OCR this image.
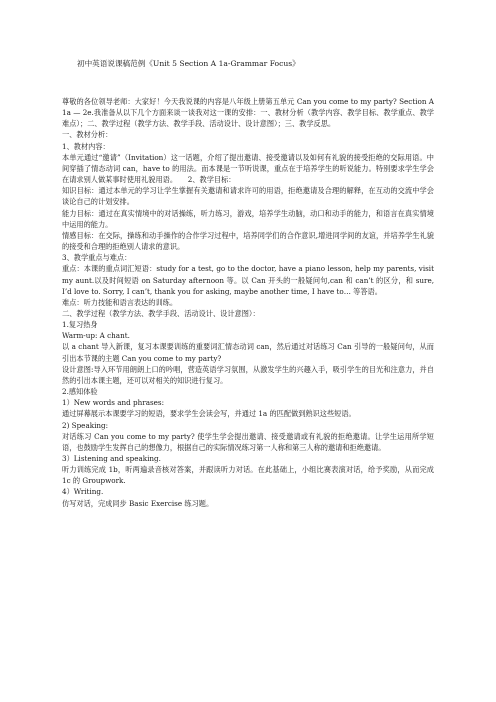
初中英语说课稿范例《Unit 5 Section A 1a-Grammar Focus》

尊敬的各位领导老师：大家好！今天我说课的内容是八年级上册第五单元 Can you come to my party? Section A 1a — 2e.我准备从以下几个方面来谈一谈我对这一课的安排：一、教材分析（教学内容、教学目标、教学重点、教学难点）；二、教学过程（教学方法、教学手段、活动设计、设计意图）；三、教学反思。

一、教材分析：

1、教材内容：

本单元通过“邀请”（Invitation）这一话题，介绍了提出邀请、接受邀请以及如何有礼貌的接受拒绝的交际用语。中间穿插了情态动词 can，have to 的用法。而本课是一节听说课，重点在于培养学生的听说能力。特别要求学生学会在请求别人做某事时使用礼貌用语。　　2、教学目标：

知识目标：通过本单元的学习让学生掌握有关邀请和请求许可的用语，拒绝邀请及合理的解释，在互动的交流中学会谈论自己的计划安排。

能力目标：通过在真实情境中的对话操练，听力练习，游戏，培养学生动脑，动口和动手的能力，和语言在真实情境中运用的能力。

情感目标：在交际，操练和动手操作的合作学习过程中，培养同学们的合作意识,增进同学间的友谊，并培养学生礼貌的接受和合理的拒绝别人请求的意识。

3、教学重点与难点：

重点：本课的重点词汇短语：study for a test, go to the doctor, have a piano lesson, help my parents, visit my aunt.以及时间短语 on Saturday afternoon 等。以 Can 开头的一般疑问句,can 和 can’t 的区分，和 sure, I’d love to. Sorry, I can’t, thank you for asking, maybe another time, I have to… 等答语。

难点：听力技能和语言表达的训练。

二、教学过程（教学方法、教学手段、活动设计、设计意图）：

1.复习热身

Warm-up: A chant.

以 a chant 导入新课，复习本课要训练的重要词汇情态动词 can，然后通过对话练习 Can 引导的一般疑问句，从而引出本节课的主题 Can you come to my party?

设计意图:导入环节用朗朗上口的吟唱，营造英语学习氛围，从激发学生的兴趣入手，吸引学生的目光和注意力，并自然的引出本课主题，还可以对相关的知识进行复习。

2.感知体验

1）New words and phrases:

通过屏幕展示本课要学习的短语，要求学生会读会写，并通过 1a 的匹配做到熟识这些短语。

2) Speaking:

对话练习 Can you come to my party? 使学生学会提出邀请、接受邀请或有礼貌的拒绝邀请。让学生运用所学短语，也鼓励学生发挥自己的想像力，根据自己的实际情况练习第一人称和第三人称的邀请和拒绝邀请。

3）Listening and speaking.

听力训练完成 1b，听两遍录音核对答案，并跟读听力对话。在此基础上，小组比赛表演对话，给予奖励，从而完成 1c 的 Groupwork.

4）Writing.

仿写对话，完成同步 Basic Exercise 练习题。
